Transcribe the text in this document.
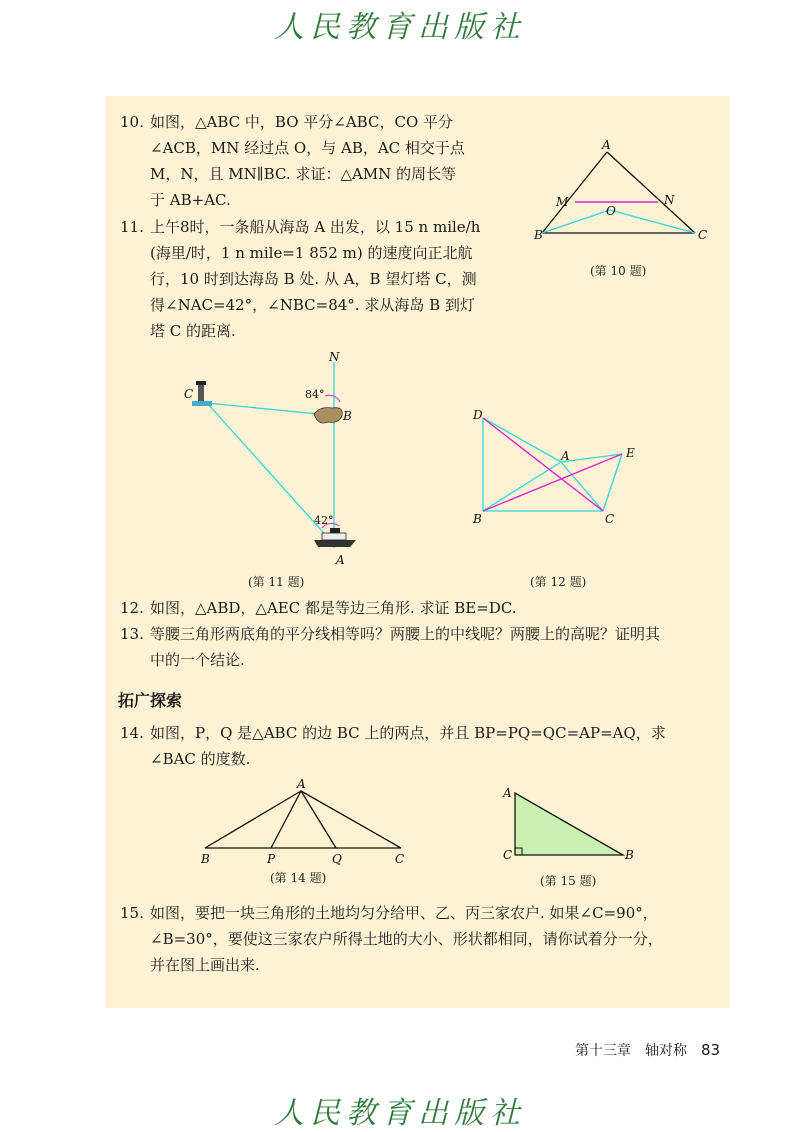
人民教育出版社
10. 如图，△ABC 中，BO 平分∠ABC，CO 平分
∠ACB，MN 经过点 O，与 AB，AC 相交于点
M，N，且 MN∥BC. 求证：△AMN 的周长等
于 AB+AC.
11. 上午8时，一条船从海岛 A 出发，以 15 n mile/h
(海里/时，1 n mile=1 852 m) 的速度向正北航
行，10 时到达海岛 B 处. 从 A，B 望灯塔 C，测
得∠NAC=42°，∠NBC=84°. 求从海岛 B 到灯
塔 C 的距离.
A
M	N
O
B	C
(第 10 题)
N
C
B
A
84°
42°
(第 11 题)
D
A	E
B	C
(第 12 题)
12. 如图，△ABD，△AEC 都是等边三角形. 求证 BE=DC.
13. 等腰三角形两底角的平分线相等吗？两腰上的中线呢？两腰上的高呢？证明其
中的一个结论.
拓广探索
14. 如图，P，Q 是△ABC 的边 BC 上的两点，并且 BP=PQ=QC=AP=AQ，求
∠BAC 的度数.
A
B	P	Q	C
(第 14 题)
A
C	B
(第 15 题)
15. 如图，要把一块三角形的土地均匀分给甲、乙、丙三家农户. 如果∠C=90°，
∠B=30°，要使这三家农户所得土地的大小、形状都相同，请你试着分一分，
并在图上画出来.
第十三章　轴对称 83
人民教育出版社
